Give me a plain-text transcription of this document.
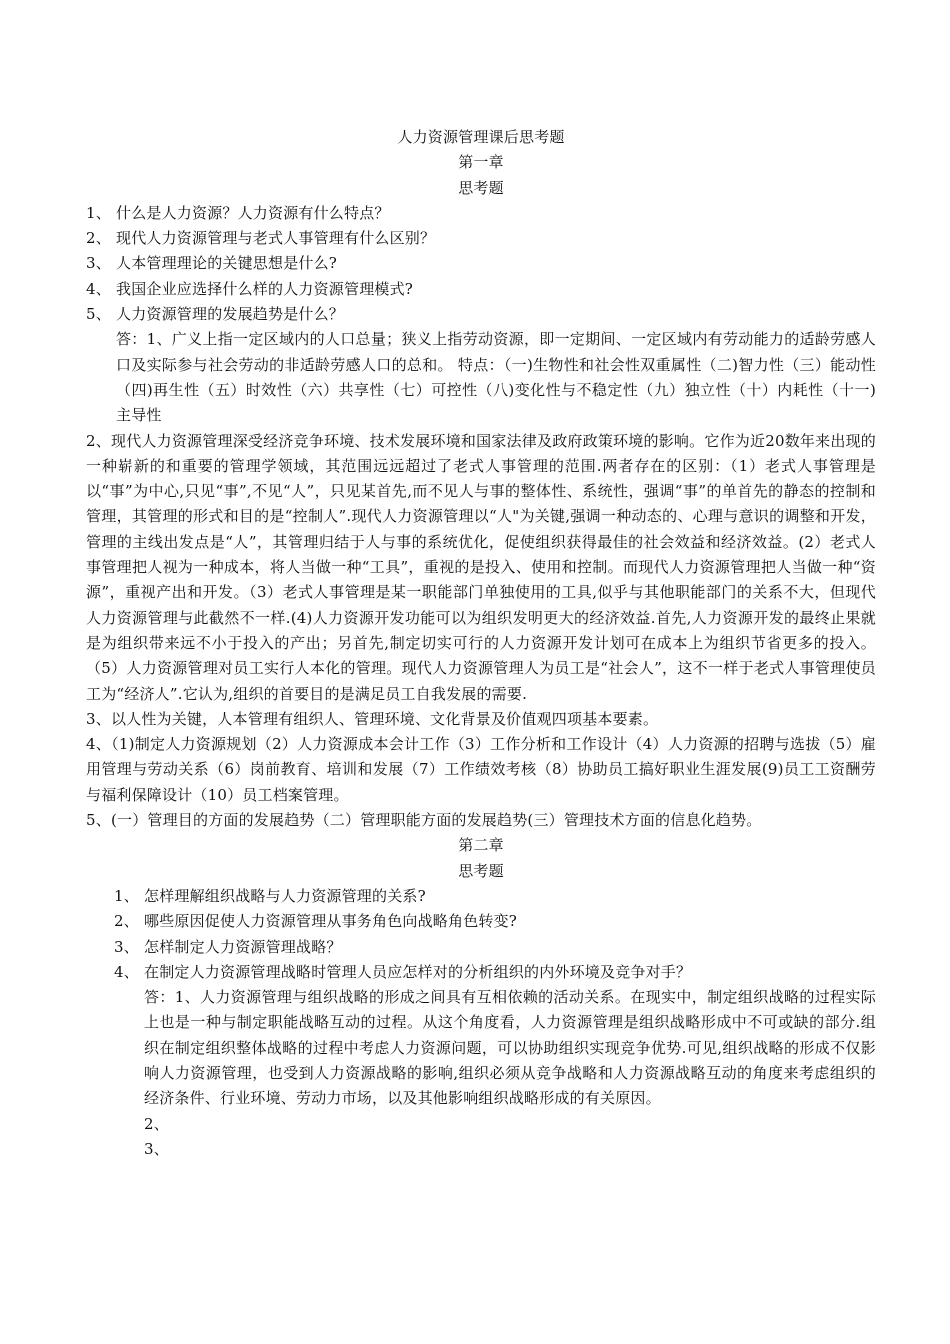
人力资源管理课后思考题
第一章
思考题
1、 什么是人力资源？人力资源有什么特点？
2、 现代人力资源管理与老式人事管理有什么区别？
3、 人本管理理论的关键思想是什么?
4、 我国企业应选择什么样的人力资源管理模式?
5、 人力资源管理的发展趋势是什么？
答：1、广义上指一定区域内的人口总量；狭义上指劳动资源，即一定期间、一定区域内有劳动能力的适龄劳感人口及实际参与社会劳动的非适龄劳感人口的总和。 特点：（一)生物性和社会性双重属性（二)智力性（三）能动性（四)再生性（五）时效性（六）共享性（七）可控性（八)变化性与不稳定性（九）独立性（十）内耗性（十一)主导性
2、现代人力资源管理深受经济竞争环境、技术发展环境和国家法律及政府政策环境的影响。它作为近20数年来出现的一种崭新的和重要的管理学领域，其范围远远超过了老式人事管理的范围.两者存在的区别：（1）老式人事管理是以“事”为中心,只见“事”,不见“人”，只见某首先,而不见人与事的整体性、系统性，强调“事”的单首先的静态的控制和管理，其管理的形式和目的是“控制人”.现代人力资源管理以“人"为关键,强调一种动态的、心理与意识的调整和开发，管理的主线出发点是“人”，其管理归结于人与事的系统优化，促使组织获得最佳的社会效益和经济效益。(2）老式人事管理把人视为一种成本，将人当做一种“工具”，重视的是投入、使用和控制。而现代人力资源管理把人当做一种“资源”，重视产出和开发。（3）老式人事管理是某一职能部门单独使用的工具,似乎与其他职能部门的关系不大，但现代人力资源管理与此截然不一样.(4)人力资源开发功能可以为组织发明更大的经济效益.首先,人力资源开发的最终止果就是为组织带来远不小于投入的产出；另首先,制定切实可行的人力资源开发计划可在成本上为组织节省更多的投入。（5）人力资源管理对员工实行人本化的管理。现代人力资源管理人为员工是“社会人”，这不一样于老式人事管理使员工为“经济人”.它认为,组织的首要目的是满足员工自我发展的需要.
3、以人性为关键，人本管理有组织人、管理环境、文化背景及价值观四项基本要素。
4、（1)制定人力资源规划（2）人力资源成本会计工作（3）工作分析和工作设计（4）人力资源的招聘与选拔（5）雇用管理与劳动关系（6）岗前教育、培训和发展（7）工作绩效考核（8）协助员工搞好职业生涯发展(9)员工工资酬劳与福利保障设计（10）员工档案管理。
5、(一）管理目的方面的发展趋势（二）管理职能方面的发展趋势(三）管理技术方面的信息化趋势。
第二章
思考题
1、 怎样理解组织战略与人力资源管理的关系?
2、 哪些原因促使人力资源管理从事务角色向战略角色转变?
3、 怎样制定人力资源管理战略？
4、 在制定人力资源管理战略时管理人员应怎样对的分析组织的内外环境及竞争对手？
答：1、人力资源管理与组织战略的形成之间具有互相依赖的活动关系。在现实中，制定组织战略的过程实际上也是一种与制定职能战略互动的过程。从这个角度看，人力资源管理是组织战略形成中不可或缺的部分.组织在制定组织整体战略的过程中考虑人力资源问题，可以协助组织实现竞争优势.可见,组织战略的形成不仅影响人力资源管理，也受到人力资源战略的影响,组织必须从竞争战略和人力资源战略互动的角度来考虑组织的经济条件、行业环境、劳动力市场，以及其他影响组织战略形成的有关原因。
2、
3、
